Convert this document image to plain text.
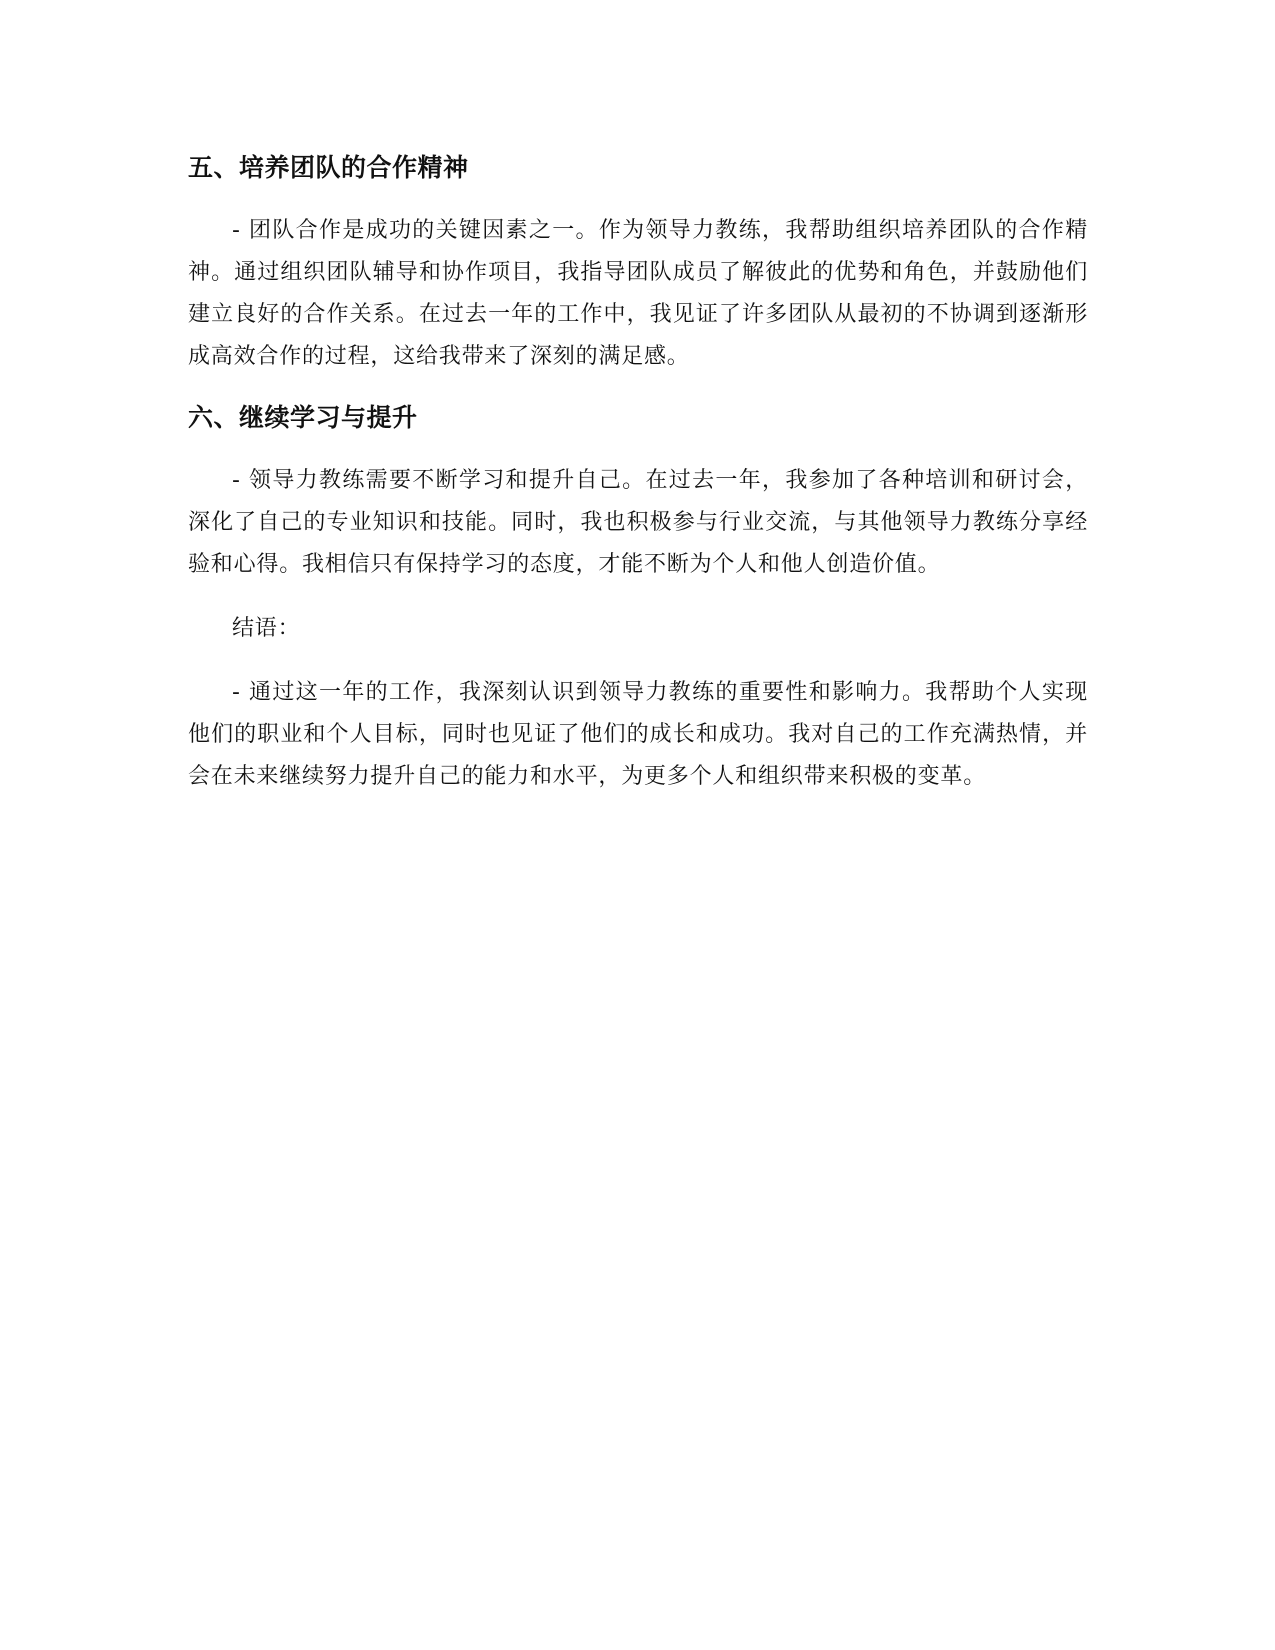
五、培养团队的合作精神

- 团队合作是成功的关键因素之一。作为领导力教练，我帮助组织培养团队的合作精神。通过组织团队辅导和协作项目，我指导团队成员了解彼此的优势和角色，并鼓励他们建立良好的合作关系。在过去一年的工作中，我见证了许多团队从最初的不协调到逐渐形成高效合作的过程，这给我带来了深刻的满足感。

六、继续学习与提升

- 领导力教练需要不断学习和提升自己。在过去一年，我参加了各种培训和研讨会，深化了自己的专业知识和技能。同时，我也积极参与行业交流，与其他领导力教练分享经验和心得。我相信只有保持学习的态度，才能不断为个人和他人创造价值。

结语：

- 通过这一年的工作，我深刻认识到领导力教练的重要性和影响力。我帮助个人实现他们的职业和个人目标，同时也见证了他们的成长和成功。我对自己的工作充满热情，并会在未来继续努力提升自己的能力和水平，为更多个人和组织带来积极的变革。
